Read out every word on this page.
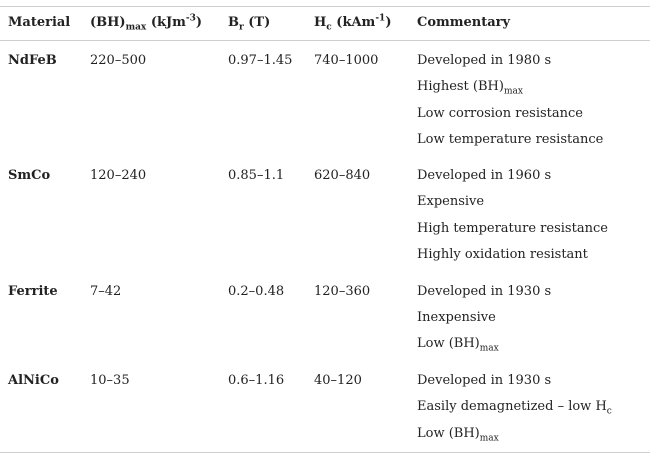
Material $(BH)_{max}$ (kJm$^{-3}$) $B_r$ (T)	$H_c$ (kAm$^{-1}$) Commentary
NdFeB	220–500	0.97–1.45 740–1000	Developed in 1980 s
Highest $(BH)_{max}$
Low corrosion resistance
Low temperature resistance
SmCo	120–240	0.85–1.1 620–840	Developed in 1960 s
Expensive
High temperature resistance
Highly oxidation resistant
Ferrite 7–42	0.2–0.48 120–360	Developed in 1930 s
Inexpensive
Low $(BH)_{max}$
AlNiCo 10–35	0.6–1.16 40–120	Developed in 1930 s
Easily demagnetized – low $H_c$
Low $(BH)_{max}$
